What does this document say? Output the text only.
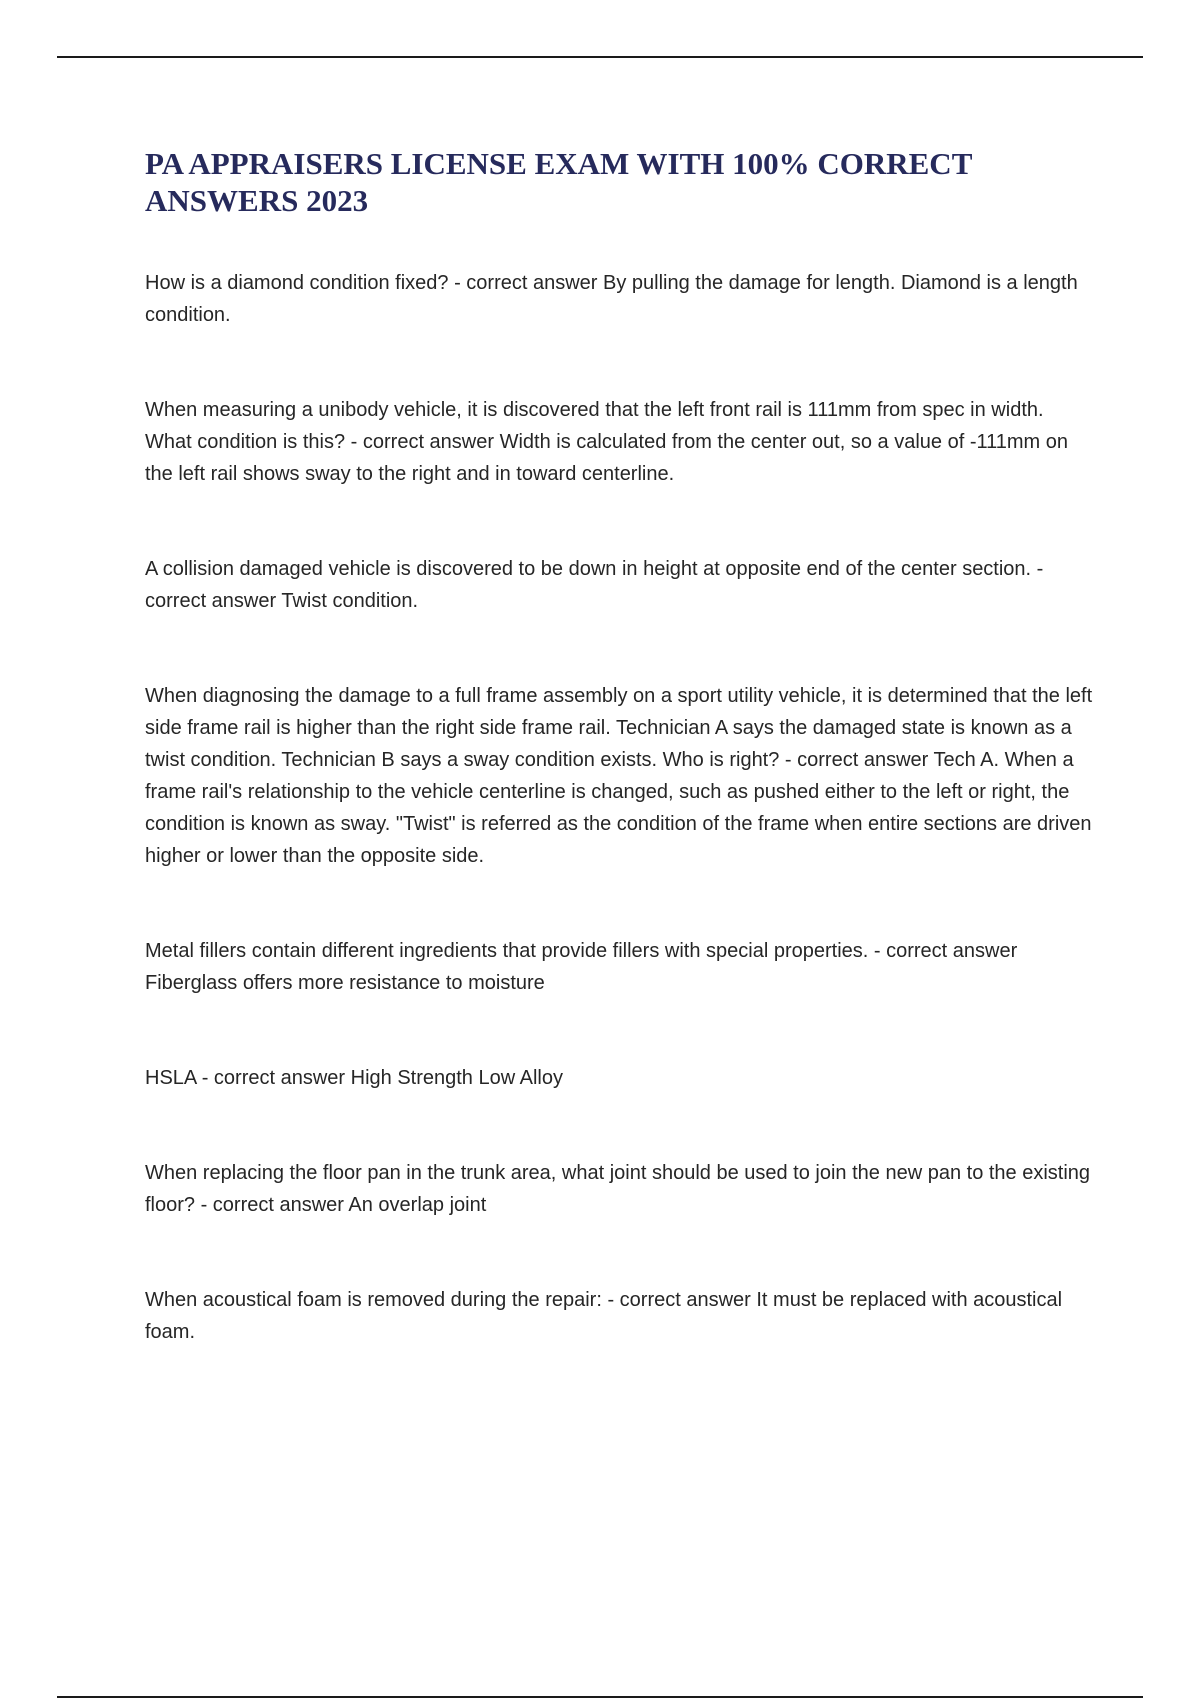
PA APPRAISERS LICENSE EXAM WITH 100% CORRECT ANSWERS 2023

How is a diamond condition fixed? - correct answer By pulling the damage for length. Diamond is a length condition.

When measuring a unibody vehicle, it is discovered that the left front rail is 111mm from spec in width. What condition is this? - correct answer Width is calculated from the center out, so a value of -111mm on the left rail shows sway to the right and in toward centerline.

A collision damaged vehicle is discovered to be down in height at opposite end of the center section. - correct answer Twist condition.

When diagnosing the damage to a full frame assembly on a sport utility vehicle, it is determined that the left side frame rail is higher than the right side frame rail. Technician A says the damaged state is known as a twist condition. Technician B says a sway condition exists. Who is right? - correct answer Tech A. When a frame rail's relationship to the vehicle centerline is changed, such as pushed either to the left or right, the condition is known as sway. "Twist" is referred as the condition of the frame when entire sections are driven higher or lower than the opposite side.

Metal fillers contain different ingredients that provide fillers with special properties. - correct answer Fiberglass offers more resistance to moisture

HSLA - correct answer High Strength Low Alloy

When replacing the floor pan in the trunk area, what joint should be used to join the new pan to the existing floor? - correct answer An overlap joint

When acoustical foam is removed during the repair: - correct answer It must be replaced with acoustical foam.
